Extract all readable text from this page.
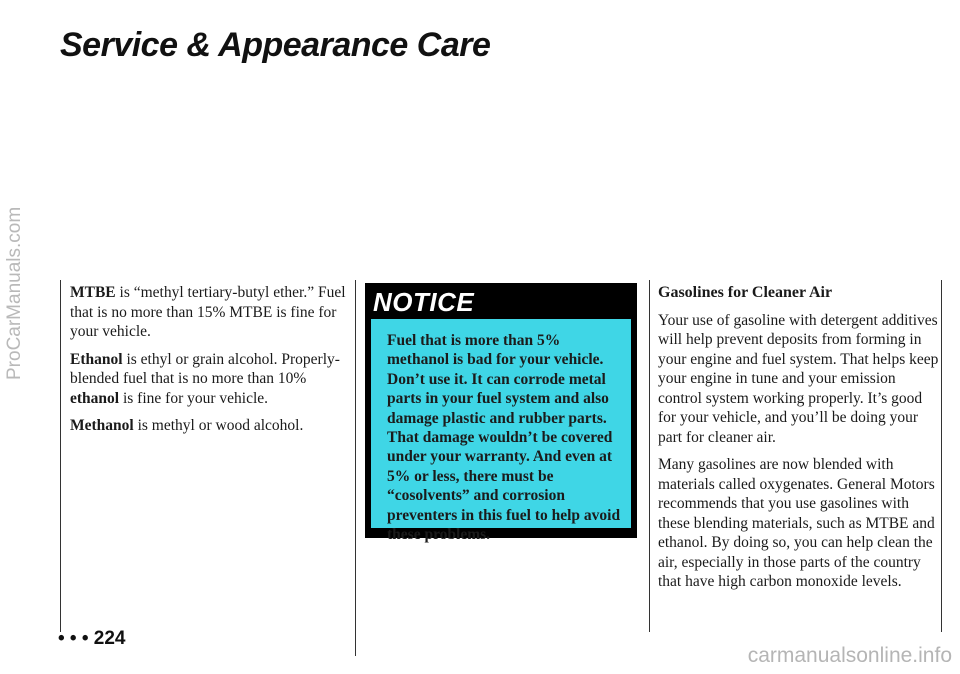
Service & Appearance Care
ProCarManuals.com	MTBE is “methyl tertiary-butyl ether.” Fuel that is no more than 15% MTBE is fine for your vehicle.

Ethanol is ethyl or grain alcohol. Properly-blended fuel that is no more than 10% ethanol is fine for your vehicle.

Methanol is methyl or wood alcohol.

NOTICE
Fuel that is more than 5% methanol is bad for your vehicle. Don’t use it. It can corrode metal parts in your fuel system and also damage plastic and rubber parts. That damage wouldn’t be covered under your warranty. And even at 5% or less, there must be “cosolvents” and corrosion preventers in this fuel to help avoid these problems.
Gasolines for Cleaner Air

Your use of gasoline with detergent additives will help prevent deposits from forming in your engine and fuel system. That helps keep your engine in tune and your emission control system working properly. It’s good for your vehicle, and you’ll be doing your part for cleaner air.

Many gasolines are now blended with materials called oxygenates. General Motors recommends that you use gasolines with these blending materials, such as MTBE and ethanol. By doing so, you can help clean the air, especially in those parts of the country that have high carbon monoxide levels.

• • • 224
carmanualsonline.info
